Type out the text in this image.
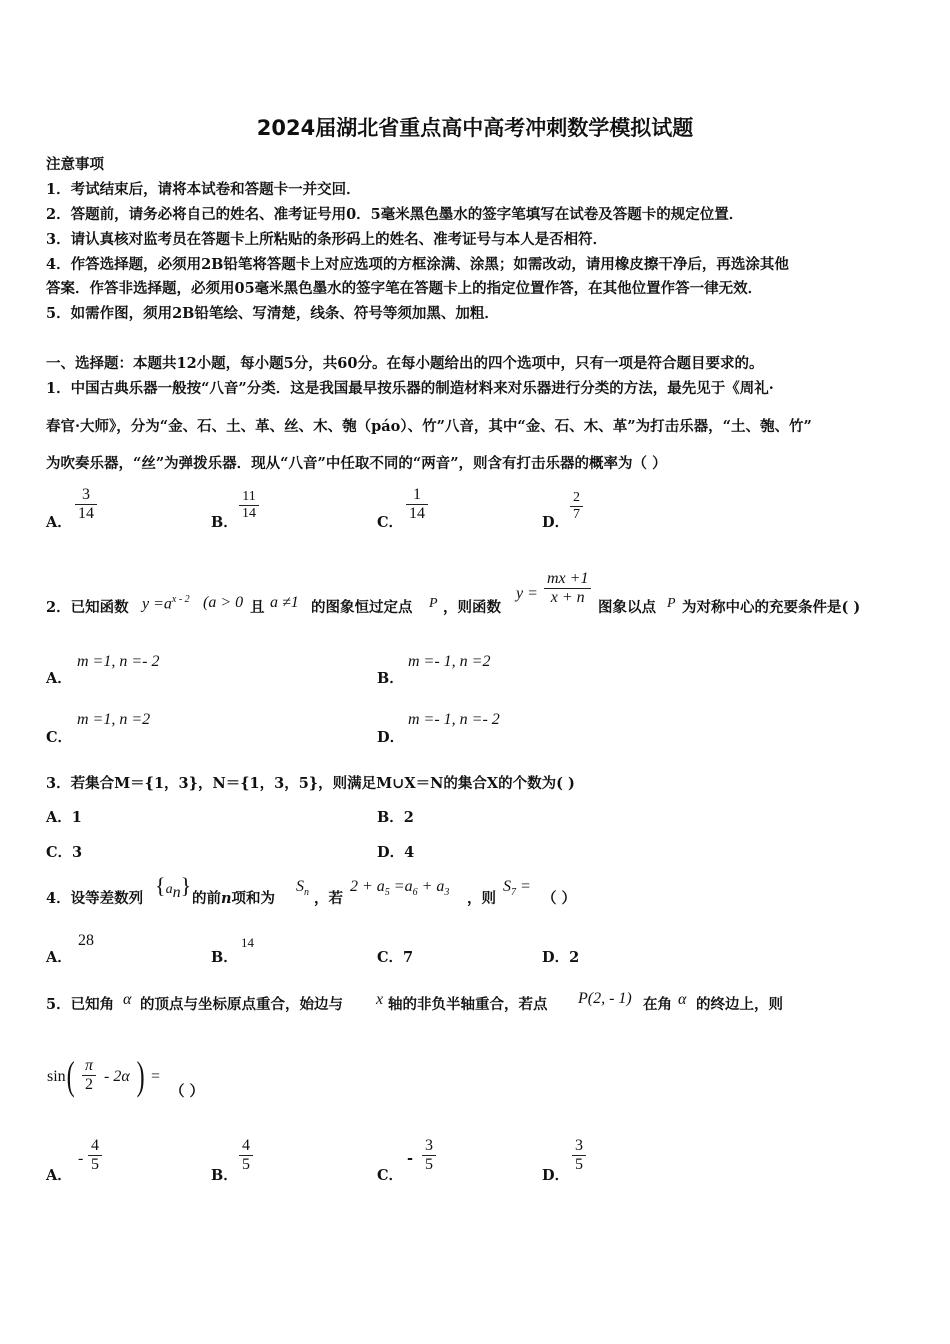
2024届湖北省重点高中高考冲刺数学模拟试题
注意事项
1．考试结束后，请将本试卷和答题卡一并交回．
2．答题前，请务必将自己的姓名、准考证号用0．5毫米黑色墨水的签字笔填写在试卷及答题卡的规定位置．
3．请认真核对监考员在答题卡上所粘贴的条形码上的姓名、准考证号与本人是否相符．
4．作答选择题，必须用2B铅笔将答题卡上对应选项的方框涂满、涂黑；如需改动，请用橡皮擦干净后，再选涂其他
答案．作答非选择题，必须用05毫米黑色墨水的签字笔在答题卡上的指定位置作答，在其他位置作答一律无效．
5．如需作图，须用2B铅笔绘、写清楚，线条、符号等须加黑、加粗．
一、选择题：本题共12小题，每小题5分，共60分。在每小题给出的四个选项中，只有一项是符合题目要求的。
1．中国古典乐器一般按“八音”分类．这是我国最早按乐器的制造材料来对乐器进行分类的方法，最先见于《周礼·
春官·大师》，分为“金、石、土、革、丝、木、匏（páo）、竹”八音，其中“金、石、木、革”为打击乐器，“土、匏、竹”
为吹奏乐器，“丝”为弹拨乐器．现从“八音”中任取不同的“两音”，则含有打击乐器的概率为（ ）
A．
3
14
B．
11
14
C．
1
14
D．
2
7
2．已知函数 $y =a^{x - 2}$ (a > 0 且 a ≠1 的图象恒过定点 P ，则函数
y =
mx +1
x + n
图象以点 P 为对称中心的充要条件是( )
A．
m =1, n =- 2
B．
m =- 1, n =2
C．
m =1, n =2
D．
m =- 1, n =- 2
3．若集合M＝{1，3}，N＝{1，3，5}，则满足M∪X＝N的集合X的个数为( )
A．1	B．2
C．3	D．4
4．设等差数列
$\{a_n\}$
的前n项和为
$S_n$ ，若
$2 + a_5 =a_6 + a_3$ ，则
$S_7$ =
（ ）
A．
28
B．
14
C．7	D．2
5．已知角 α 的顶点与坐标原点重合，始边与 x 轴的非负半轴重合，若点 P(2, - 1) 在角 α 的终边上，则
sin ( π
2 - 2α ) =
（ ）
A．
-
4
5
B．
4
5
C．
-
3
5
D．
3
5
